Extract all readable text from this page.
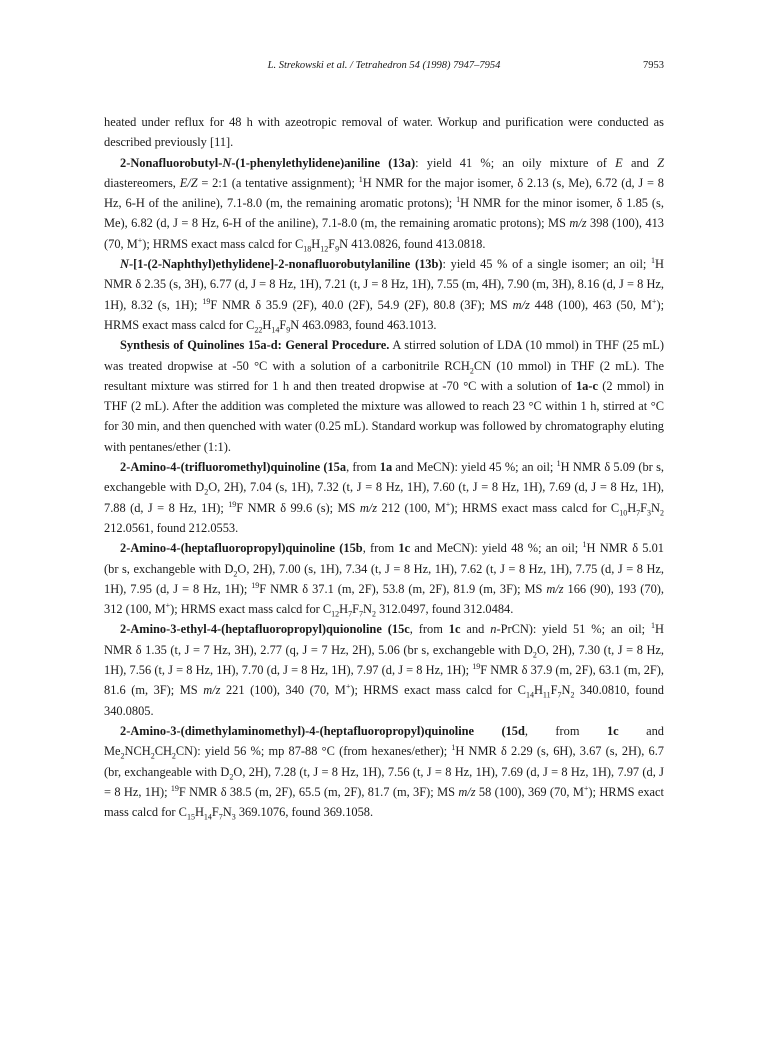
L. Strekowski et al. / Tetrahedron 54 (1998) 7947–7954	7953

heated under reflux for 48 h with azeotropic removal of water. Workup and purification were conducted as described previously [11].

2-Nonafluorobutyl-N-(1-phenylethylidene)aniline (13a): yield 41 %; an oily mixture of E and Z diastereomers, E/Z = 2:1 (a tentative assignment); $^1$H NMR for the major isomer, δ 2.13 (s, Me), 6.72 (d, J = 8 Hz, 6-H of the aniline), 7.1-8.0 (m, the remaining aromatic protons); $^1$H NMR for the minor isomer, δ 1.85 (s, Me), 6.82 (d, J = 8 Hz, 6-H of the aniline), 7.1-8.0 (m, the remaining aromatic protons); MS m/z 398 (100), 413 (70, M+); HRMS exact mass calcd for $C_{18}H_{12}F_9N$ 413.0826, found 413.0818.

N-[1-(2-Naphthyl)ethylidene]-2-nonafluorobutylaniline (13b): yield 45 % of a single isomer; an oil; $^1$H NMR δ 2.35 (s, 3H), 6.77 (d, J = 8 Hz, 1H), 7.21 (t, J = 8 Hz, 1H), 7.55 (m, 4H), 7.90 (m, 3H), 8.16 (d, J = 8 Hz, 1H), 8.32 (s, 1H); $^{19}$F NMR δ 35.9 (2F), 40.0 (2F), 54.9 (2F), 80.8 (3F); MS m/z 448 (100), 463 (50, M+); HRMS exact mass calcd for $C_{22}H_{14}F_9N$ 463.0983, found 463.1013.

Synthesis of Quinolines 15a-d: General Procedure. A stirred solution of LDA (10 mmol) in THF (25 mL) was treated dropwise at -50 °C with a solution of a carbonitrile $RCH_2CN$ (10 mmol) in THF (2 mL). The resultant mixture was stirred for 1 h and then treated dropwise at -70 °C with a solution of 1a-c (2 mmol) in THF (2 mL). After the addition was completed the mixture was allowed to reach 23 °C within 1 h, stirred at °C for 30 min, and then quenched with water (0.25 mL). Standard workup was followed by chromatography eluting with pentanes/ether (1:1).

2-Amino-4-(trifluoromethyl)quinoline (15a, from 1a and MeCN): yield 45 %; an oil; $^1$H NMR δ 5.09 (br s, exchangeble with $D_2O$, 2H), 7.04 (s, 1H), 7.32 (t, J = 8 Hz, 1H), 7.60 (t, J = 8 Hz, 1H), 7.69 (d, J = 8 Hz, 1H), 7.88 (d, J = 8 Hz, 1H); $^{19}$F NMR δ 99.6 (s); MS m/z 212 (100, M+); HRMS exact mass calcd for $C_{10}H_7F_3N_2$ 212.0561, found 212.0553.

2-Amino-4-(heptafluoropropyl)quinoline (15b, from 1c and MeCN): yield 48 %; an oil; $^1$H NMR δ 5.01 (br s, exchangeble with $D_2O$, 2H), 7.00 (s, 1H), 7.34 (t, J = 8 Hz, 1H), 7.62 (t, J = 8 Hz, 1H), 7.75 (d, J = 8 Hz, 1H), 7.95 (d, J = 8 Hz, 1H); $^{19}$F NMR δ 37.1 (m, 2F), 53.8 (m, 2F), 81.9 (m, 3F); MS m/z 166 (90), 193 (70), 312 (100, M+); HRMS exact mass calcd for $C_{12}H_7F_7N_2$ 312.0497, found 312.0484.

2-Amino-3-ethyl-4-(heptafluoropropyl)quionoline (15c, from 1c and n-PrCN): yield 51 %; an oil; $^1$H NMR δ 1.35 (t, J = 7 Hz, 3H), 2.77 (q, J = 7 Hz, 2H), 5.06 (br s, exchangeble with $D_2O$, 2H), 7.30 (t, J = 8 Hz, 1H), 7.56 (t, J = 8 Hz, 1H), 7.70 (d, J = 8 Hz, 1H), 7.97 (d, J = 8 Hz, 1H); $^{19}$F NMR δ 37.9 (m, 2F), 63.1 (m, 2F), 81.6 (m, 3F); MS m/z 221 (100), 340 (70, M+); HRMS exact mass calcd for $C_{14}H_{11}F_7N_2$ 340.0810, found 340.0805.

2-Amino-3-(dimethylaminomethyl)-4-(heptafluoropropyl)quinoline (15d, from 1c and $Me_2NCH_2CH_2CN$): yield 56 %; mp 87-88 °C (from hexanes/ether); $^1$H NMR δ 2.29 (s, 6H), 3.67 (s, 2H), 6.7 (br, exchangeable with $D_2O$, 2H), 7.28 (t, J = 8 Hz, 1H), 7.56 (t, J = 8 Hz, 1H), 7.69 (d, J = 8 Hz, 1H), 7.97 (d, J = 8 Hz, 1H); $^{19}$F NMR δ 38.5 (m, 2F), 65.5 (m, 2F), 81.7 (m, 3F); MS m/z 58 (100), 369 (70, M+); HRMS exact mass calcd for $C_{15}H_{14}F_7N_3$ 369.1076, found 369.1058.
